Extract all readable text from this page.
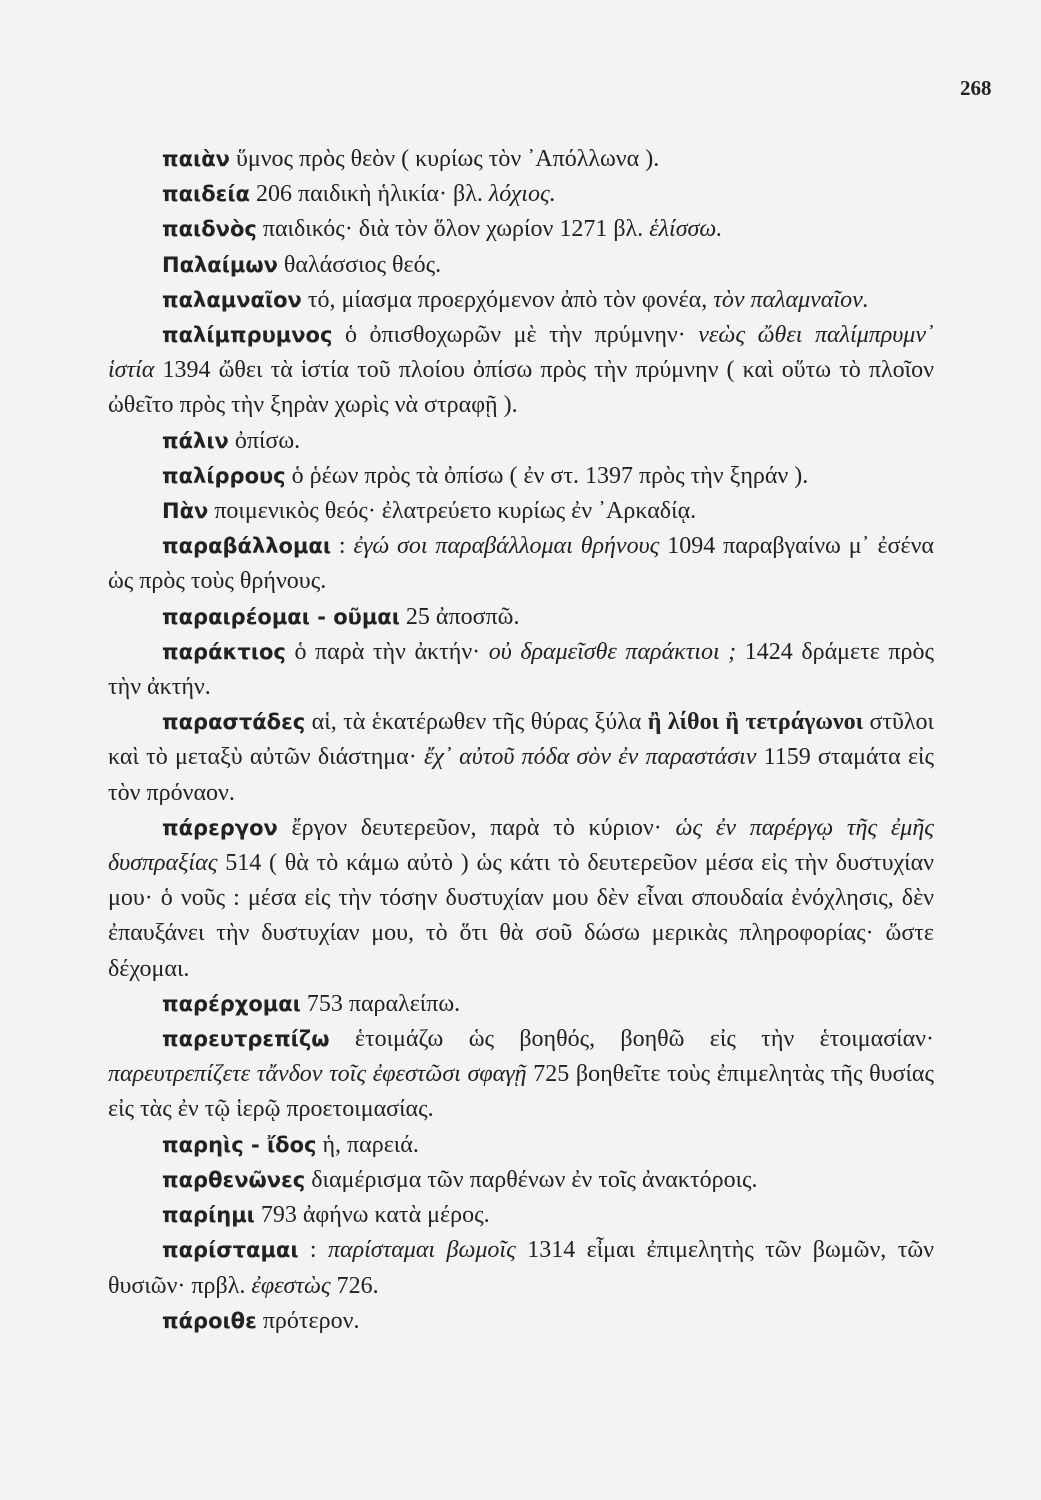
268

παιὰν ὕμνος πρὸς θεὸν ( κυρίως τὸν ᾿Απόλλωνα ).

παιδεία 206 παιδικὴ ἡλικία· βλ. λόχιος.

παιδνὸς παιδικός· διὰ τὸν ὅλον χωρίον 1271 βλ. ἑλίσσω.

Παλαίμων θαλάσσιος θεός.

παλαμναῖον τό, μίασμα προερχόμενον ἀπὸ τὸν φονέα, τὸν παλαμναῖον.

παλίμπρυμνος ὁ ὀπισθοχωρῶν μὲ τὴν πρύμνην· νεὼς ὤθει παλίμπρυμν᾿ ἱστία 1394 ὤθει τὰ ἱστία τοῦ πλοίου ὀπίσω πρὸς τὴν πρύμνην ( καὶ οὕτω τὸ πλοῖον ὠθεῖτο πρὸς τὴν ξηρὰν χωρὶς νὰ στραφῇ ).

πάλιν ὀπίσω.

παλίρρους ὁ ῥέων πρὸς τὰ ὀπίσω ( ἐν στ. 1397 πρὸς τὴν ξηράν ).

Πὰν ποιμενικὸς θεός· ἐλατρεύετο κυρίως ἐν ᾿Αρκαδίᾳ.

παραβάλλομαι : ἐγώ σοι παραβάλλομαι θρήνους 1094 παραβγαίνω μ᾿ ἐσένα ὡς πρὸς τοὺς θρήνους.

παραιρέομαι - οῦμαι 25 ἀποσπῶ.

παράκτιος ὁ παρὰ τὴν ἀκτήν· οὐ δραμεῖσθε παράκτιοι ; 1424 δράμετε πρὸς τὴν ἀκτήν.

παραστάδες αἱ, τὰ ἑκατέρωθεν τῆς θύρας ξύλα ἢ λίθοι ἢ τετράγωνοι στῦλοι καὶ τὸ μεταξὺ αὐτῶν διάστημα· ἔχ᾿ αὐτοῦ πόδα σὸν ἐν παραστάσιν 1159 σταμάτα εἰς τὸν πρόναον.

πάρεργον ἔργον δευτερεῦον, παρὰ τὸ κύριον· ὡς ἐν παρέργῳ τῆς ἐμῆς δυσπραξίας 514 ( θὰ τὸ κάμω αὐτὸ ) ὡς κάτι τὸ δευτερεῦον μέσα εἰς τὴν δυστυχίαν μου· ὁ νοῦς : μέσα εἰς τὴν τόσην δυστυχίαν μου δὲν εἶναι σπουδαία ἐνόχλησις, δὲν ἐπαυξάνει τὴν δυστυχίαν μου, τὸ ὅτι θὰ σοῦ δώσω μερικὰς πληροφορίας· ὥστε δέχομαι.

παρέρχομαι 753 παραλείπω.

παρευτρεπίζω ἑτοιμάζω ὡς βοηθός, βοηθῶ εἰς τὴν ἑτοιμασίαν· παρευτρεπίζετε τἄνδον τοῖς ἐφεστῶσι σφαγῇ 725 βοηθεῖτε τοὺς ἐπιμελητὰς τῆς θυσίας εἰς τὰς ἐν τῷ ἱερῷ προετοιμασίας.

παρηὶς - ἴδος ἡ, παρειά.

παρθενῶνες διαμέρισμα τῶν παρθένων ἐν τοῖς ἀνακτόροις.

παρίημι 793 ἀφήνω κατὰ μέρος.

παρίσταμαι : παρίσταμαι βωμοῖς 1314 εἶμαι ἐπιμελητὴς τῶν βωμῶν, τῶν θυσιῶν· πρβλ. ἐφεστὼς 726.

πάροιθε πρότερον.
